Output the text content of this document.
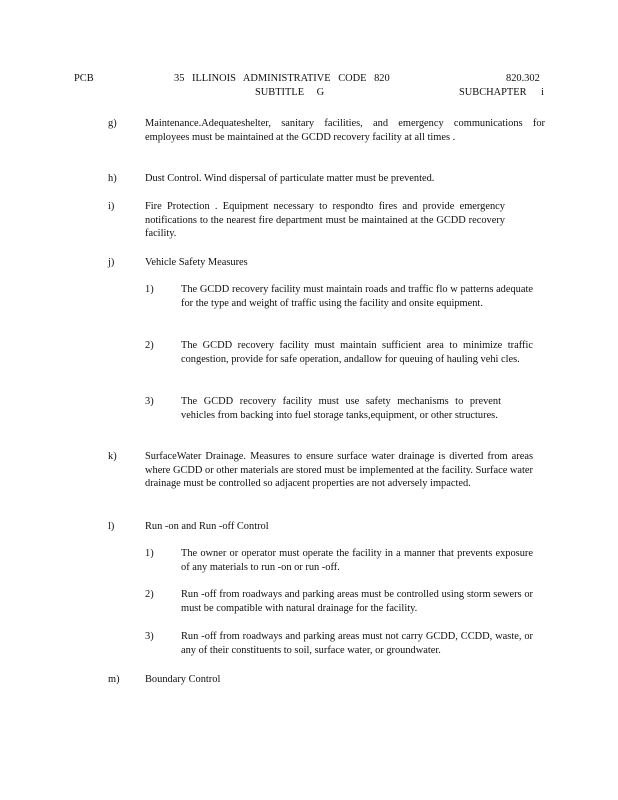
PCB	35 ILLINOIS ADMINISTRATIVE CODE 820
SUBTITLE G
820.302
SUBCHAPTER i
g)	Maintenance.Adequateshelter, sanitary facilities, and emergency communications for employees must be maintained at the GCDD recovery facility at all times .
h)	Dust Control. Wind dispersal of particulate matter must be prevented.
i)	Fire Protection . Equipment necessary to respondto fires and provide emergency notifications to the nearest fire department must be maintained at the GCDD recovery facility.
j)	Vehicle Safety Measures
1)	The GCDD recovery facility must maintain roads and traffic flo w patterns adequate for the type and weight of traffic using the facility and onsite equipment.
2)	The GCDD recovery facility must maintain sufficient area to minimize traffic congestion, provide for safe operation, andallow for queuing of hauling vehi cles.
3)	The GCDD recovery facility must use safety mechanisms to prevent vehicles from backing into fuel storage tanks,equipment, or other structures.
k)	SurfaceWater Drainage. Measures to ensure surface water drainage is diverted from areas where GCDD or other materials are stored must be implemented at the facility. Surface water drainage must be controlled so adjacent properties are not adversely impacted.
l)	Run -on and Run -off Control
1)	The owner or operator must operate the facility in a manner that prevents exposure of any materials to run -on or run -off.
2)	Run -off from roadways and parking areas must be controlled using storm sewers or must be compatible with natural drainage for the facility.
3)	Run -off from roadways and parking areas must not carry GCDD, CCDD, waste, or any of their constituents to soil, surface water, or groundwater.
m) Boundary Control
